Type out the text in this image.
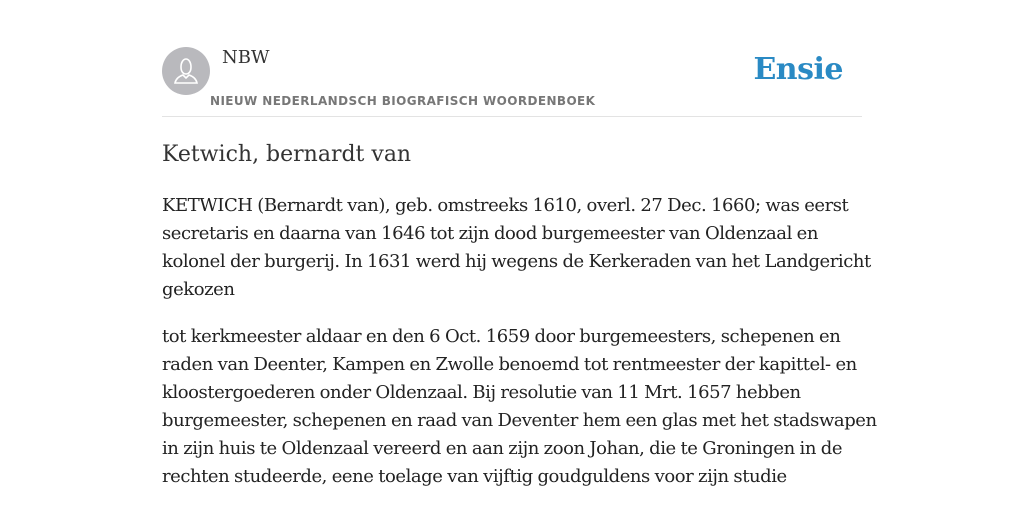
NBW
NIEUW NEDERLANDSCH BIOGRAFISCH WOORDENBOEK
Ensie
Ketwich, bernardt van

KETWICH (Bernardt van), geb. omstreeks 1610, overl. 27 Dec. 1660; was eerst
secretaris en daarna van 1646 tot zijn dood burgemeester van Oldenzaal en
kolonel der burgerij. In 1631 werd hij wegens de Kerkeraden van het Landgericht
gekozen

tot kerkmeester aldaar en den 6 Oct. 1659 door burgemeesters, schepenen en
raden van Deenter, Kampen en Zwolle benoemd tot rentmeester der kapittel- en
kloostergoederen onder Oldenzaal. Bij resolutie van 11 Mrt. 1657 hebben
burgemeester, schepenen en raad van Deventer hem een glas met het stadswapen
in zijn huis te Oldenzaal vereerd en aan zijn zoon Johan, die te Groningen in de
rechten studeerde, eene toelage van vijftig goudguldens voor zijn studie
